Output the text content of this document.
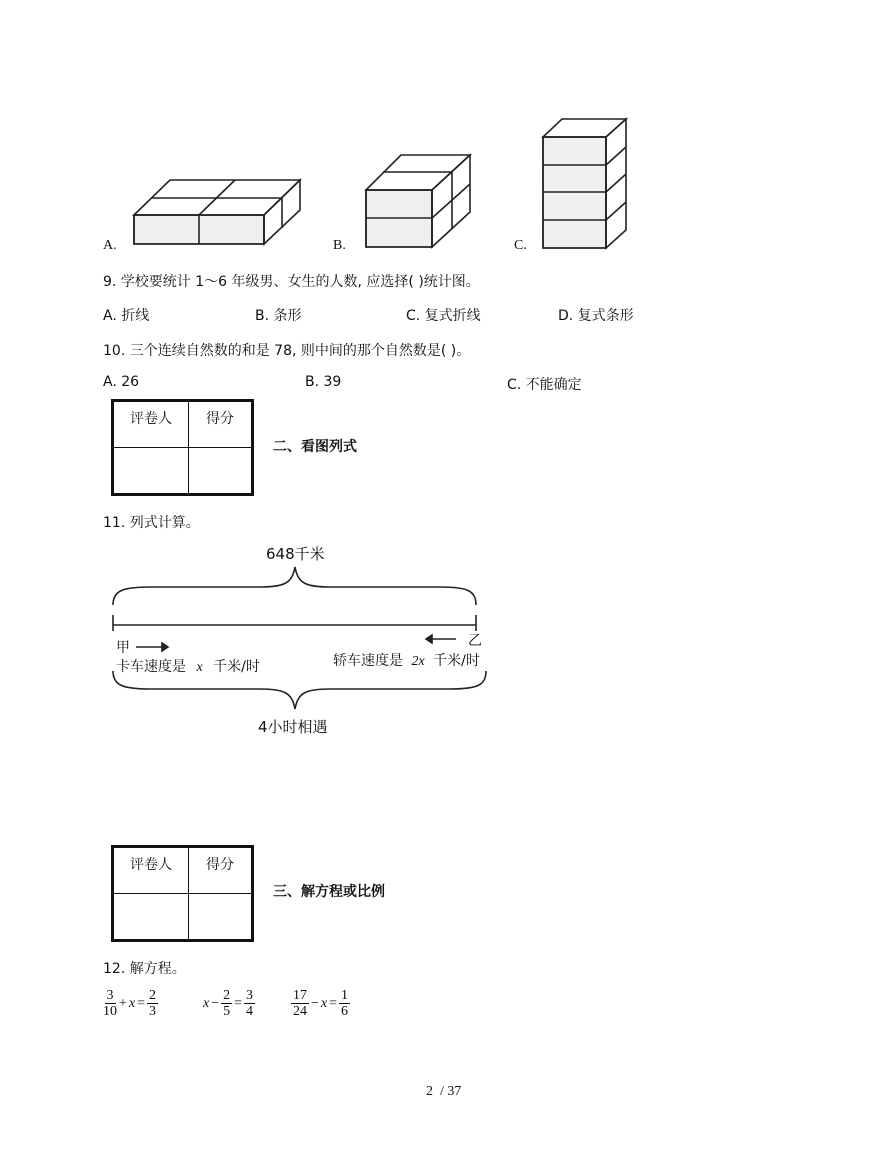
A.	B.	C.
9. 学校要统计 1～6 年级男、女生的人数, 应选择( )统计图。
A. 折线	B. 条形	C. 复式折线	D. 复式条形
10. 三个连续自然数的和是 78, 则中间的那个自然数是( )。
A. 26	B. 39	C. 不能确定
评卷人	得分

二、看图列式
11. 列式计算。
648千米
甲	乙
卡车速度是 x 千米/时	轿车速度是 2x 千米/时
4小时相遇
评卷人	得分

三、解方程或比例
12. 解方程。
$\frac{3}{10} + x = \frac{2}{3}$	$x - \frac{2}{5} = \frac{3}{4}$	$\frac{17}{24} - x = \frac{1}{6}$
2  / 37
